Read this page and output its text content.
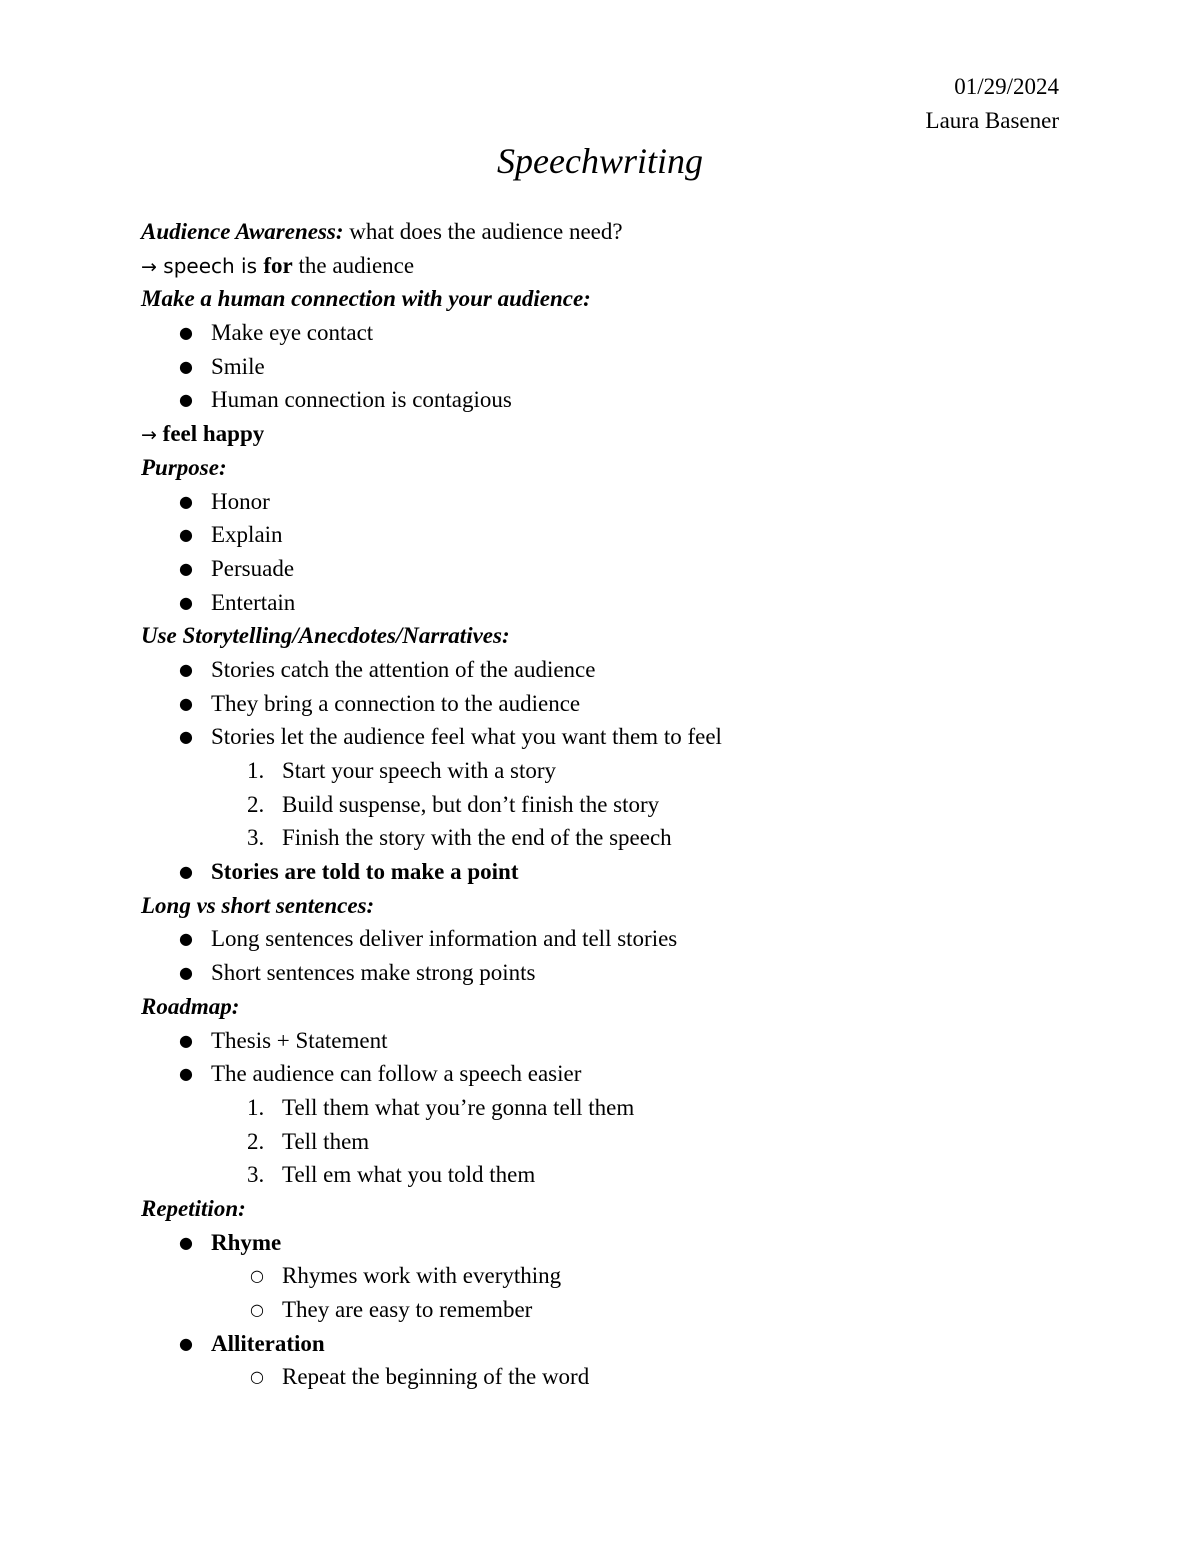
01/29/2024
Laura Basener
Speechwriting
Audience Awareness: what does the audience need?
→ speech is for the audience
Make a human connection with your audience:
● Make eye contact
● Smile
● Human connection is contagious
→ feel happy
Purpose:
● Honor
● Explain
● Persuade
● Entertain
Use Storytelling/Anecdotes/Narratives:
● Stories catch the attention of the audience
● They bring a connection to the audience
● Stories let the audience feel what you want them to feel
1. Start your speech with a story
2. Build suspense, but don’t finish the story
3. Finish the story with the end of the speech
● Stories are told to make a point
Long vs short sentences:
● Long sentences deliver information and tell stories
● Short sentences make strong points
Roadmap:
● Thesis + Statement
● The audience can follow a speech easier
1. Tell them what you’re gonna tell them
2. Tell them
3. Tell em what you told them
Repetition:
● Rhyme
○ Rhymes work with everything
○ They are easy to remember
● Alliteration
○ Repeat the beginning of the word
